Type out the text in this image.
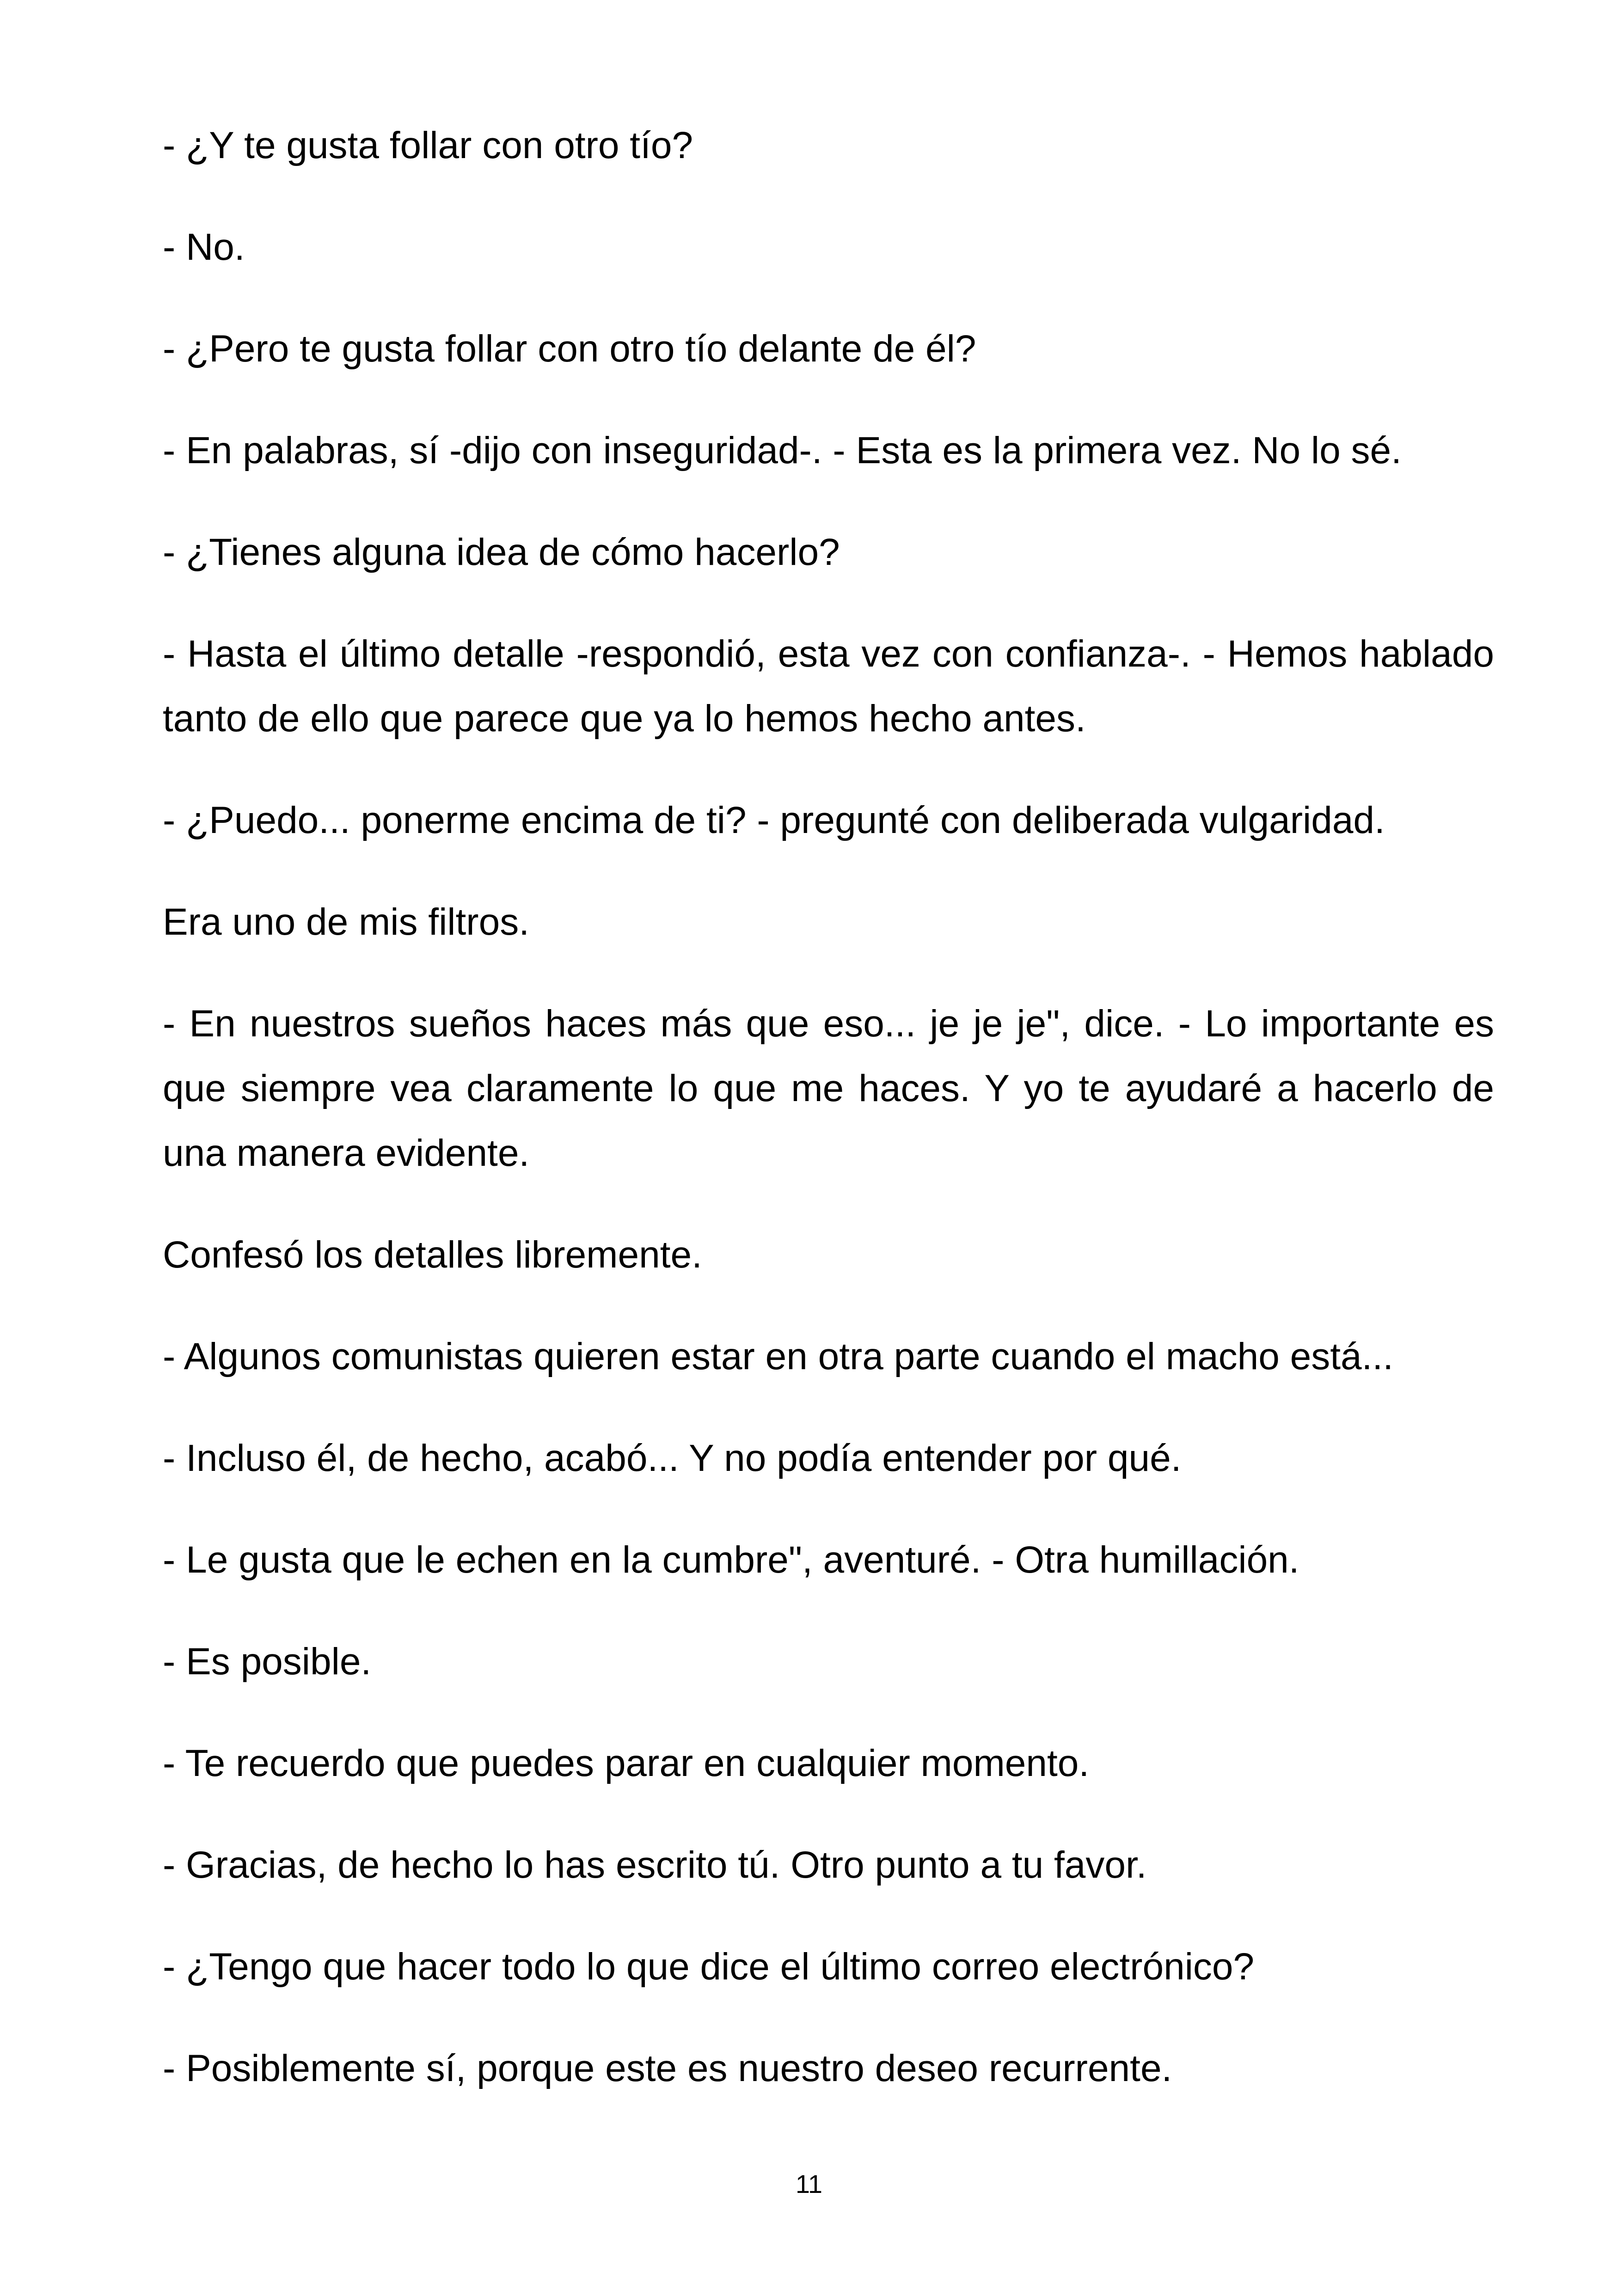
- ¿Y te gusta follar con otro tío?

- No.

- ¿Pero te gusta follar con otro tío delante de él?

- En palabras, sí -dijo con inseguridad-. - Esta es la primera vez. No lo sé.

- ¿Tienes alguna idea de cómo hacerlo?

- Hasta el último detalle -respondió, esta vez con confianza-. - Hemos hablado tanto de ello que parece que ya lo hemos hecho antes.

- ¿Puedo... ponerme encima de ti? - pregunté con deliberada vulgaridad.

Era uno de mis filtros.

- En nuestros sueños haces más que eso... je je je", dice. - Lo importante es que siempre vea claramente lo que me haces. Y yo te ayudaré a hacerlo de una manera evidente.

Confesó los detalles libremente.

- Algunos comunistas quieren estar en otra parte cuando el macho está...

- Incluso él, de hecho, acabó... Y no podía entender por qué.

- Le gusta que le echen en la cumbre", aventuré. - Otra humillación.

- Es posible.

- Te recuerdo que puedes parar en cualquier momento.

- Gracias, de hecho lo has escrito tú. Otro punto a tu favor.

- ¿Tengo que hacer todo lo que dice el último correo electrónico?

- Posiblemente sí, porque este es nuestro deseo recurrente.

11
